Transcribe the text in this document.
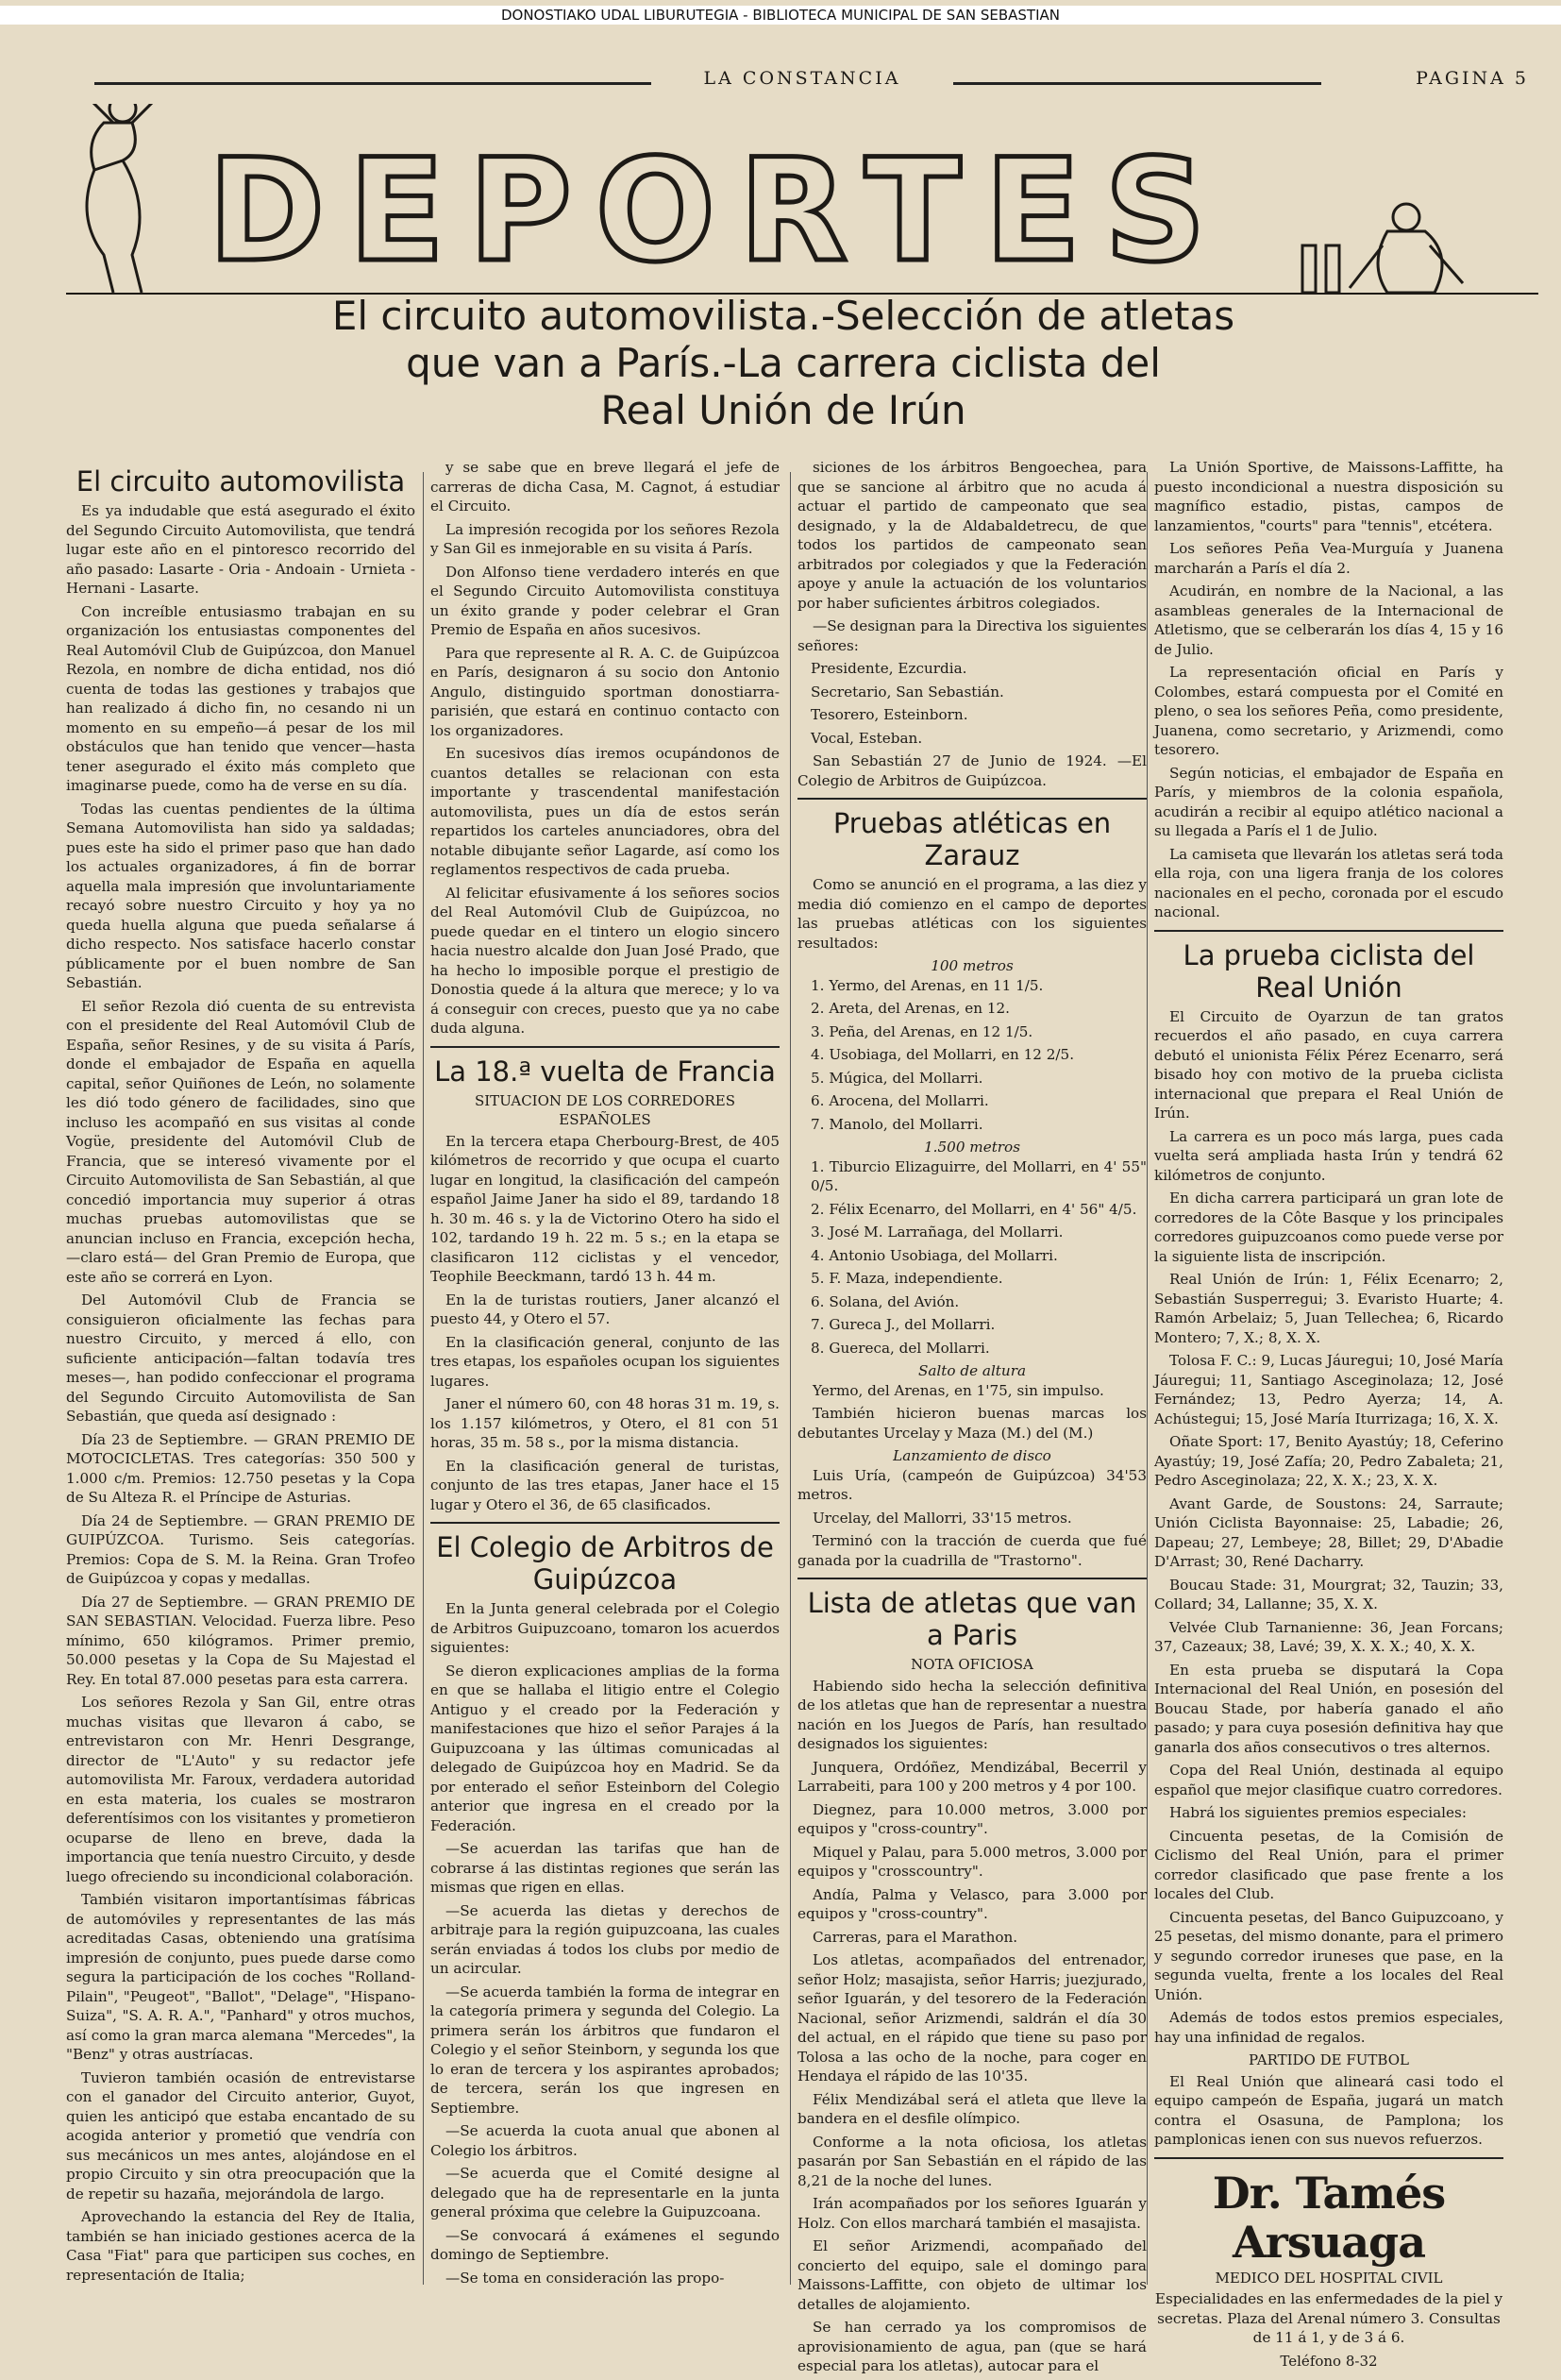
DONOSTIAKO UDAL LIBURUTEGIA - BIBLIOTECA MUNICIPAL DE SAN SEBASTIAN
LA CONSTANCIA	PAGINA 5
DEPORTES
El circuito automovilista.-Selección de atletas
que van a París.-La carrera ciclista del
Real Unión de Irún
El circuito automovilista

Es ya indudable que está asegurado el éxito del Segundo Circuito Automovilista, que tendrá lugar este año en el pintoresco recorrido del año pasado: Lasarte - Oria - Andoain - Urnieta - Hernani - Lasarte.

Con increíble entusiasmo trabajan en su organización los entusiastas componentes del Real Automóvil Club de Guipúzcoa, don Manuel Rezola, en nombre de dicha entidad, nos dió cuenta de todas las gestiones y trabajos que han realizado á dicho fin, no cesando ni un momento en su empeño—á pesar de los mil obstáculos que han tenido que vencer—hasta tener asegurado el éxito más completo que imaginarse puede, como ha de verse en su día.

Todas las cuentas pendientes de la última Semana Automovilista han sido ya saldadas; pues este ha sido el primer paso que han dado los actuales organizadores, á fin de borrar aquella mala impresión que involuntariamente recayó sobre nuestro Circuito y hoy ya no queda huella alguna que pueda señalarse á dicho respecto. Nos satisface hacerlo constar públicamente por el buen nombre de San Sebastián.

El señor Rezola dió cuenta de su entrevista con el presidente del Real Automóvil Club de España, señor Resines, y de su visita á París, donde el embajador de España en aquella capital, señor Quiñones de León, no solamente les dió todo género de facilidades, sino que incluso les acompañó en sus visitas al conde Vogüe, presidente del Automóvil Club de Francia, que se interesó vivamente por el Circuito Automovilista de San Sebastián, al que concedió importancia muy superior á otras muchas pruebas automovilistas que se anuncian incluso en Francia, excepción hecha,—claro está— del Gran Premio de Europa, que este año se correrá en Lyon.

Del Automóvil Club de Francia se consiguieron oficialmente las fechas para nuestro Circuito, y merced á ello, con suficiente anticipación—faltan todavía tres meses—, han podido confeccionar el programa del Segundo Circuito Automovilista de San Sebastián, que queda así designado :

Día 23 de Septiembre. — GRAN PREMIO DE MOTOCICLETAS. Tres categorías: 350 500 y 1.000 c/m. Premios: 12.750 pesetas y la Copa de Su Alteza R. el Príncipe de Asturias.

Día 24 de Septiembre. — GRAN PREMIO DE GUIPÚZCOA. Turismo. Seis categorías. Premios: Copa de S. M. la Reina. Gran Trofeo de Guipúzcoa y copas y medallas.

Día 27 de Septiembre. — GRAN PREMIO DE SAN SEBASTIAN. Velocidad. Fuerza libre. Peso mínimo, 650 kilógramos. Primer premio, 50.000 pesetas y la Copa de Su Majestad el Rey. En total 87.000 pesetas para esta carrera.

Los señores Rezola y San Gil, entre otras muchas visitas que llevaron á cabo, se entrevistaron con Mr. Henri Desgrange, director de "L'Auto" y su redactor jefe automovilista Mr. Faroux, verdadera autoridad en esta materia, los cuales se mostraron deferentísimos con los visitantes y prometieron ocuparse de lleno en breve, dada la importancia que tenía nuestro Circuito, y desde luego ofreciendo su incondicional colaboración.

También visitaron importantísimas fábricas de automóviles y representantes de las más acreditadas Casas, obteniendo una gratísima impresión de conjunto, pues puede darse como segura la participación de los coches "Rolland-Pilain", "Peugeot", "Ballot", "Delage", "Hispano-Suiza", "S. A. R. A.", "Panhard" y otros muchos, así como la gran marca alemana "Mercedes", la "Benz" y otras austríacas.

Tuvieron también ocasión de entrevistarse con el ganador del Circuito anterior, Guyot, quien les anticipó que estaba encantado de su acogida anterior y prometió que vendría con sus mecánicos un mes antes, alojándose en el propio Circuito y sin otra preocupación que la de repetir su hazaña, mejorándola de largo.

Aprovechando la estancia del Rey de Italia, también se han iniciado gestiones acerca de la Casa "Fiat" para que participen sus coches, en representación de Italia;

y se sabe que en breve llegará el jefe de carreras de dicha Casa, M. Cagnot, á estudiar el Circuito.

La impresión recogida por los señores Rezola y San Gil es inmejorable en su visita á París.

Don Alfonso tiene verdadero interés en que el Segundo Circuito Automovilista constituya un éxito grande y poder celebrar el Gran Premio de España en años sucesivos.

Para que represente al R. A. C. de Guipúzcoa en París, designaron á su socio don Antonio Angulo, distinguido sportman donostiarra-parisién, que estará en continuo contacto con los organizadores.

En sucesivos días iremos ocupándonos de cuantos detalles se relacionan con esta importante y trascendental manifestación automovilista, pues un día de estos serán repartidos los carteles anunciadores, obra del notable dibujante señor Lagarde, así como los reglamentos respectivos de cada prueba.

Al felicitar efusivamente á los señores socios del Real Automóvil Club de Guipúzcoa, no puede quedar en el tintero un elogio sincero hacia nuestro alcalde don Juan José Prado, que ha hecho lo imposible porque el prestigio de Donostia quede á la altura que merece; y lo va á conseguir con creces, puesto que ya no cabe duda alguna.

La 18.ª vuelta de Francia
SITUACION DE LOS CORREDORES ESPAÑOLES

En la tercera etapa Cherbourg-Brest, de 405 kilómetros de recorrido y que ocupa el cuarto lugar en longitud, la clasificación del campeón español Jaime Janer ha sido el 89, tardando 18 h. 30 m. 46 s. y la de Victorino Otero ha sido el 102, tardando 19 h. 22 m. 5 s.; en la etapa se clasificaron 112 ciclistas y el vencedor, Teophile Beeckmann, tardó 13 h. 44 m.

En la de turistas routiers, Janer alcanzó el puesto 44, y Otero el 57.

En la clasificación general, conjunto de las tres etapas, los españoles ocupan los siguientes lugares.

Janer el número 60, con 48 horas 31 m. 19, s. los 1.157 kilómetros, y Otero, el 81 con 51 horas, 35 m. 58 s., por la misma distancia.

En la clasificación general de turistas, conjunto de las tres etapas, Janer hace el 15 lugar y Otero el 36, de 65 clasificados.

El Colegio de Arbitros de Guipúzcoa

En la Junta general celebrada por el Colegio de Arbitros Guipuzcoano, tomaron los acuerdos siguientes:

Se dieron explicaciones amplias de la forma en que se hallaba el litigio entre el Colegio Antiguo y el creado por la Federación y manifestaciones que hizo el señor Parajes á la Guipuzcoana y las últimas comunicadas al delegado de Guipúzcoa hoy en Madrid. Se da por enterado el señor Esteinborn del Colegio anterior que ingresa en el creado por la Federación.

—Se acuerdan las tarifas que han de cobrarse á las distintas regiones que serán las mismas que rigen en ellas.

—Se acuerda las dietas y derechos de arbitraje para la región guipuzcoana, las cuales serán enviadas á todos los clubs por medio de un acircular.

—Se acuerda también la forma de integrar en la categoría primera y segunda del Colegio. La primera serán los árbitros que fundaron el Colegio y el señor Steinborn, y segunda los que lo eran de tercera y los aspirantes aprobados; de tercera, serán los que ingresen en Septiembre.

—Se acuerda la cuota anual que abonen al Colegio los árbitros.

—Se acuerda que el Comité designe al delegado que ha de representarle en la junta general próxima que celebre la Guipuzcoana.

—Se convocará á exámenes el segundo domingo de Septiembre.

—Se toma en consideración las propo-

siciones de los árbitros Bengoechea, para que se sancione al árbitro que no acuda á actuar el partido de campeonato que sea designado, y la de Aldabaldetrecu, de que todos los partidos de campeonato sean arbitrados por colegiados y que la Federación apoye y anule la actuación de los voluntarios por haber suficientes árbitros colegiados.

—Se designan para la Directiva los siguientes señores:

Presidente, Ezcurdia.

Secretario, San Sebastián.

Tesorero, Esteinborn.

Vocal, Esteban.

San Sebastián 27 de Junio de 1924. —El Colegio de Arbitros de Guipúzcoa.

Pruebas atléticas en Zarauz

Como se anunció en el programa, a las diez y media dió comienzo en el campo de deportes las pruebas atléticas con los siguientes resultados:

100 metros

1. Yermo, del Arenas, en 11 1/5.

2. Areta, del Arenas, en 12.

3. Peña, del Arenas, en 12 1/5.

4. Usobiaga, del Mollarri, en 12 2/5.

5. Múgica, del Mollarri.

6. Arocena, del Mollarri.

7. Manolo, del Mollarri.

1.500 metros

1. Tiburcio Elizaguirre, del Mollarri, en 4' 55" 0/5.

2. Félix Ecenarro, del Mollarri, en 4' 56" 4/5.

3. José M. Larrañaga, del Mollarri.

4. Antonio Usobiaga, del Mollarri.

5. F. Maza, independiente.

6. Solana, del Avión.

7. Gureca J., del Mollarri.

8. Guereca, del Mollarri.

Salto de altura

Yermo, del Arenas, en 1'75, sin impulso.

También hicieron buenas marcas los debutantes Urcelay y Maza (M.) del (M.)

Lanzamiento de disco

Luis Uría, (campeón de Guipúzcoa) 34'53 metros.

Urcelay, del Mallorri, 33'15 metros.

Terminó con la tracción de cuerda que fué ganada por la cuadrilla de "Trastorno".

Lista de atletas que van a Paris
NOTA OFICIOSA

Habiendo sido hecha la selección definitiva de los atletas que han de representar a nuestra nación en los Juegos de París, han resultado designados los siguientes:

Junquera, Ordóñez, Mendizábal, Becerril y Larrabeiti, para 100 y 200 metros y 4 por 100.

Diegnez, para 10.000 metros, 3.000 por equipos y "cross-country".

Miquel y Palau, para 5.000 metros, 3.000 por equipos y "crosscountry".

Andía, Palma y Velasco, para 3.000 por equipos y "cross-country".

Carreras, para el Marathon.

Los atletas, acompañados del entrenador, señor Holz; masajista, señor Harris; juezjurado, señor Iguarán, y del tesorero de la Federación Nacional, señor Arizmendi, saldrán el día 30 del actual, en el rápido que tiene su paso por Tolosa a las ocho de la noche, para coger en Hendaya el rápido de las 10'35.

Félix Mendizábal será el atleta que lleve la bandera en el desfile olímpico.

Conforme a la nota oficiosa, los atletas pasarán por San Sebastián en el rápido de las 8,21 de la noche del lunes.

Irán acompañados por los señores Iguarán y Holz. Con ellos marchará también el masajista.

El señor Arizmendi, acompañado del concierto del equipo, sale el domingo para Maissons-Laffitte, con objeto de ultimar los detalles de alojamiento.

Se han cerrado ya los compromisos de aprovisionamiento de agua, pan (que se hará especial para los atletas), autocar para el

La Unión Sportive, de Maissons-Laffitte, ha puesto incondicional a nuestra disposición su magnífico estadio, pistas, campos de lanzamientos, "courts" para "tennis", etcétera.

Los señores Peña Vea-Murguía y Juanena marcharán a París el día 2.

Acudirán, en nombre de la Nacional, a las asambleas generales de la Internacional de Atletismo, que se celberarán los días 4, 15 y 16 de Julio.

La representación oficial en París y Colombes, estará compuesta por el Comité en pleno, o sea los señores Peña, como presidente, Juanena, como secretario, y Arizmendi, como tesorero.

Según noticias, el embajador de España en París, y miembros de la colonia española, acudirán a recibir al equipo atlético nacional a su llegada a París el 1 de Julio.

La camiseta que llevarán los atletas será toda ella roja, con una ligera franja de los colores nacionales en el pecho, coronada por el escudo nacional.

La prueba ciclista del Real Unión

El Circuito de Oyarzun de tan gratos recuerdos el año pasado, en cuya carrera debutó el unionista Félix Pérez Ecenarro, será bisado hoy con motivo de la prueba ciclista internacional que prepara el Real Unión de Irún.

La carrera es un poco más larga, pues cada vuelta será ampliada hasta Irún y tendrá 62 kilómetros de conjunto.

En dicha carrera participará un gran lote de corredores de la Côte Basque y los principales corredores guipuzcoanos como puede verse por la siguiente lista de inscripción.

Real Unión de Irún: 1, Félix Ecenarro; 2, Sebastián Susperregui; 3. Evaristo Huarte; 4. Ramón Arbelaiz; 5, Juan Tellechea; 6, Ricardo Montero; 7, X.; 8, X. X.

Tolosa F. C.: 9, Lucas Jáuregui; 10, José María Jáuregui; 11, Santiago Asceginolaza; 12, José Fernández; 13, Pedro Ayerza; 14, A. Achústegui; 15, José María Iturrizaga; 16, X. X.

Oñate Sport: 17, Benito Ayastúy; 18, Ceferino Ayastúy; 19, José Zafía; 20, Pedro Zabaleta; 21, Pedro Asceginolaza; 22, X. X.; 23, X. X.

Avant Garde, de Soustons: 24, Sarraute; Unión Ciclista Bayonnaise: 25, Labadie; 26, Dapeau; 27, Lembeye; 28, Billet; 29, D'Abadie D'Arrast; 30, René Dacharry.

Boucau Stade: 31, Mourgrat; 32, Tauzin; 33, Collard; 34, Lallanne; 35, X. X.

Velvée Club Tarnanienne: 36, Jean Forcans; 37, Cazeaux; 38, Lavé; 39, X. X. X.; 40, X. X.

En esta prueba se disputará la Copa Internacional del Real Unión, en posesión del Boucau Stade, por habería ganado el año pasado; y para cuya posesión definitiva hay que ganarla dos años consecutivos o tres alternos.

Copa del Real Unión, destinada al equipo español que mejor clasifique cuatro corredores.

Habrá los siguientes premios especiales:

Cincuenta pesetas, de la Comisión de Ciclismo del Real Unión, para el primer corredor clasificado que pase frente a los locales del Club.

Cincuenta pesetas, del Banco Guipuzcoano, y 25 pesetas, del mismo donante, para el primero y segundo corredor iruneses que pase, en la segunda vuelta, frente a los locales del Real Unión.

Además de todos estos premios especiales, hay una infinidad de regalos.

PARTIDO DE FUTBOL

El Real Unión que alineará casi todo el equipo campeón de España, jugará un match contra el Osasuna, de Pamplona; los pamplonicas ienen con sus nuevos refuerzos.

Dr. Tamés Arsuaga
MEDICO DEL HOSPITAL CIVIL

Especialidades en las enfermedades de la piel y secretas. Plaza del Arenal número 3. Consultas de 11 á 1, y de 3 á 6.

Teléfono 8-32
